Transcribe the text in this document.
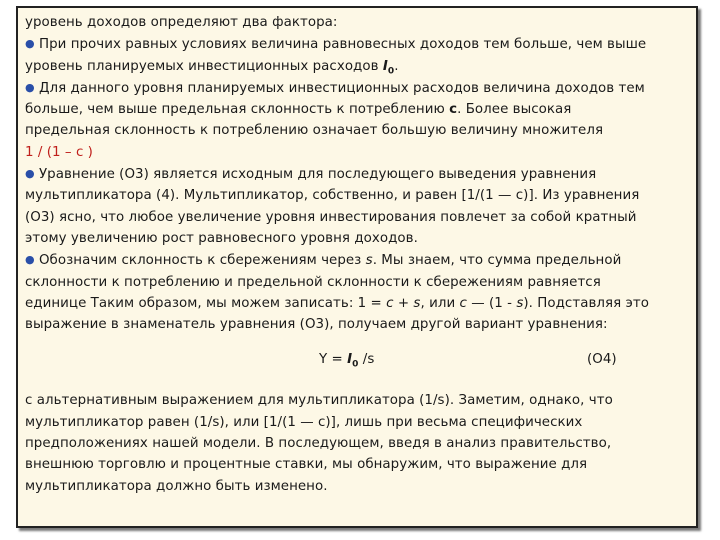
уровень доходов определяют два фактора:

● При прочих равных условиях величина равновесных доходов тем больше, чем выше

уровень планируемых инвестиционных расходов $I_0$.

● Для данного уровня планируемых инвестиционных расходов величина доходов тем

больше, чем выше предельная склонность к потреблению с. Более высокая

предельная склонность к потреблению означает большую величину множителя

1 / (1 – с )

● Уравнение (О3) является исходным для последующего выведения уравнения

мультипликатора (4). Мультипликатор, собственно, и равен [1/(1 — с)]. Из уравнения

(О3) ясно, что любое увеличение уровня инвестирования повлечет за собой кратный

этому увеличению рост равновесного уровня доходов.

● Обозначим склонность к сбережениям через s. Мы знаем, что сумма предельной

склонности к потреблению и предельной склонности к сбережениям равняется

единице Таким образом, мы можем записать: 1 = с + s, или с — (1 - s). Подставляя это

выражение в знаменатель уравнения (О3), получаем другой вариант уравнения:

$Y = I_0$ /s	(О4)

с альтернативным выражением для мультипликатора (1/s). Заметим, однако, что

мультипликатор равен (1/s), или [1/(1 — с)], лишь при весьма специфических

предположениях нашей модели. В последующем, введя в анализ правительство,

внешнюю торговлю и процентные ставки, мы обнаружим, что выражение для

мультипликатора должно быть изменено.
